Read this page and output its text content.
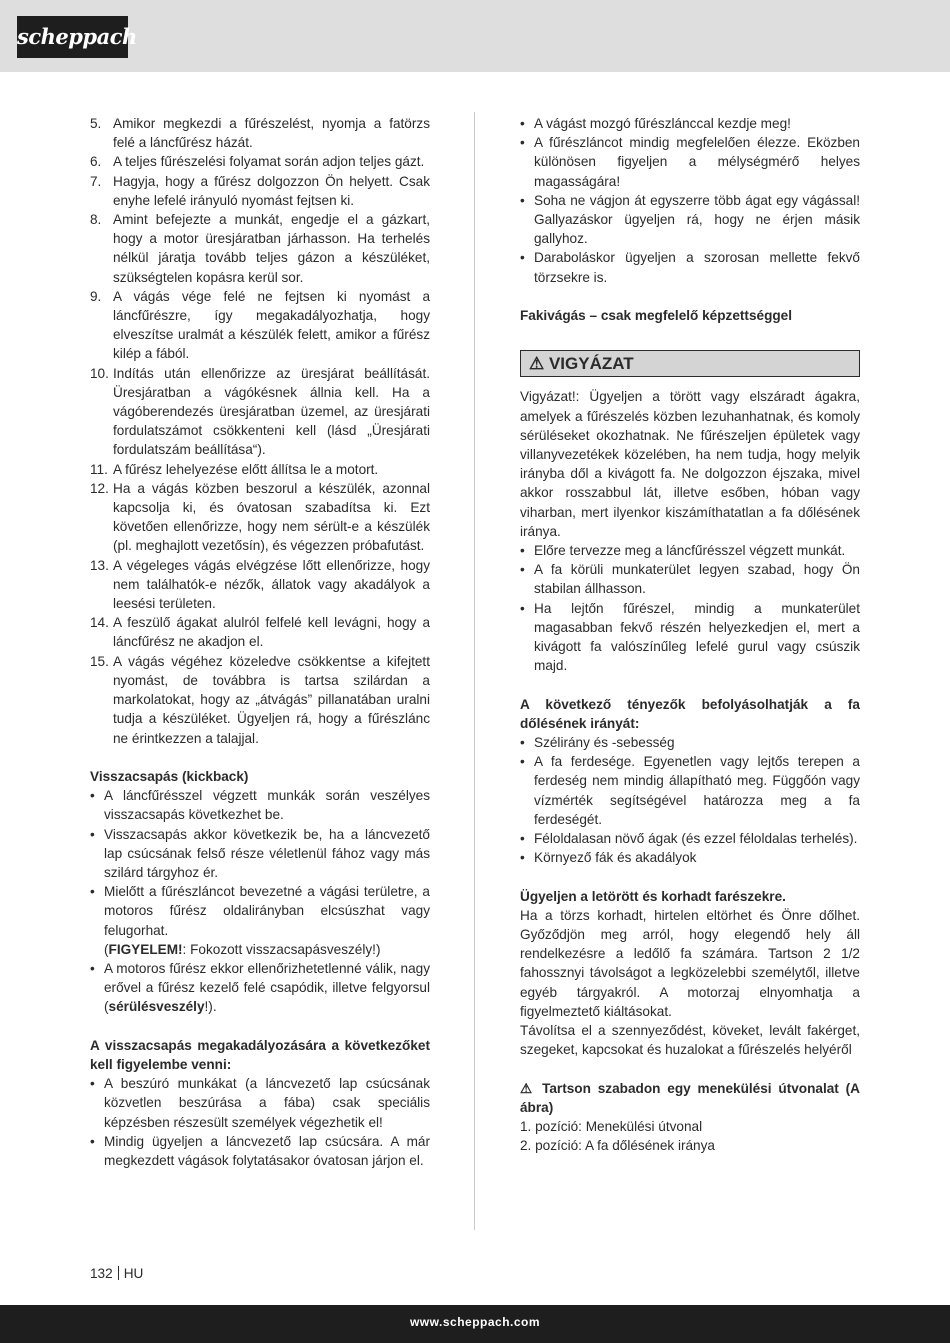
scheppach
5. Amikor megkezdi a fűrészelést, nyomja a fatörzs felé a láncfűrész házát.
6. A teljes fűrészelési folyamat során adjon teljes gázt.
7. Hagyja, hogy a fűrész dolgozzon Ön helyett. Csak enyhe lefelé irányuló nyomást fejtsen ki.
8. Amint befejezte a munkát, engedje el a gázkart, hogy a motor üresjáratban járhasson. Ha terhelés nélkül járatja tovább teljes gázon a készüléket, szükségtelen kopásra kerül sor.
9. A vágás vége felé ne fejtsen ki nyomást a láncfűrészre, így megakadályozhatja, hogy elveszítse uralmát a készülék felett, amikor a fűrész kilép a fából.
10. Indítás után ellenőrizze az üresjárat beállítását. Üresjáratban a vágókésnek állnia kell. Ha a vágóberendezés üresjáratban üzemel, az üresjárati fordulatszámot csökkenteni kell (lásd „Üresjárati fordulatszám beállítása“).
11. A fűrész lehelyezése előtt állítsa le a motort.
12. Ha a vágás közben beszorul a készülék, azonnal kapcsolja ki, és óvatosan szabadítsa ki. Ezt követően ellenőrizze, hogy nem sérült-e a készülék (pl. meghajlott vezetősín), és végezzen próbafutást.
13. A végeleges vágás elvégzése lőtt ellenőrizze, hogy nem találhatók-e nézők, állatok vagy akadályok a leesési területen.
14. A feszülő ágakat alulról felfelé kell levágni, hogy a láncfűrész ne akadjon el.
15. A vágás végéhez közeledve csökkentse a kifejtett nyomást, de továbbra is tartsa szilárdan a markolatokat, hogy az „átvágás” pillanatában uralni tudja a készüléket. Ügyeljen rá, hogy a fűrészlánc ne érintkezzen a talajjal.
Visszacsapás (kickback)
• A láncfűrésszel végzett munkák során veszélyes visszacsapás következhet be.
• Visszacsapás akkor következik be, ha a láncvezető lap csúcsának felső része véletlenül fához vagy más szilárd tárgyhoz ér.
• Mielőtt a fűrészláncot bevezetné a vágási területre, a motoros fűrész oldalirányban elcsúszhat vagy felugorhat.
(FIGYELEM!: Fokozott visszacsapásveszély!)
• A motoros fűrész ekkor ellenőrizhetetlenné válik, nagy erővel a fűrész kezelő felé csapódik, illetve felgyorsul (sérülésveszély!).
A visszacsapás megakadályozására a következőket kell figyelembe venni:
• A beszúró munkákat (a láncvezető lap csúcsának közvetlen beszúrása a fába) csak speciális képzésben részesült személyek végezhetik el!
• Mindig ügyeljen a láncvezető lap csúcsára. A már megkezdett vágások folytatásakor óvatosan járjon el.
• A vágást mozgó fűrészlánccal kezdje meg!
• A fűrészláncot mindig megfelelően élezze. Eközben különösen figyeljen a mélységmérő helyes magasságára!
• Soha ne vágjon át egyszerre több ágat egy vágással! Gallyazáskor ügyeljen rá, hogy ne érjen másik gallyhoz.
• Daraboláskor ügyeljen a szorosan mellette fekvő törzsekre is.
Fakivágás – csak megfelelő képzettséggel
⚠ VIGYÁZAT
Vigyázat!: Ügyeljen a törött vagy elszáradt ágakra, amelyek a fűrészelés közben lezuhanhatnak, és komoly sérüléseket okozhatnak. Ne fűrészeljen épületek vagy villanyvezetékek közelében, ha nem tudja, hogy melyik irányba dől a kivágott fa. Ne dolgozzon éjszaka, mivel akkor rosszabbul lát, illetve esőben, hóban vagy viharban, mert ilyenkor kiszámíthatatlan a fa dőlésének iránya.
• Előre tervezze meg a láncfűrésszel végzett munkát.
• A fa körüli munkaterület legyen szabad, hogy Ön stabilan állhasson.
• Ha lejtőn fűrészel, mindig a munkaterület magasabban fekvő részén helyezkedjen el, mert a kivágott fa valószínűleg lefelé gurul vagy csúszik majd.
A következő tényezők befolyásolhatják a fa dőlésének irányát:
• Szélirány és -sebesség
• A fa ferdesége. Egyenetlen vagy lejtős terepen a ferdeség nem mindig állapítható meg. Függőón vagy vízmérték segítségével határozza meg a fa ferdeségét.
• Féloldalasan növő ágak (és ezzel féloldalas terhelés).
• Környező fák és akadályok
Ügyeljen a letörött és korhadt farészekre.
Ha a törzs korhadt, hirtelen eltörhet és Önre dőlhet. Győződjön meg arról, hogy elegendő hely áll rendelkezésre a ledőlő fa számára. Tartson 2 1/2 fahossznyi távolságot a legközelebbi személytől, illetve egyéb tárgyakról. A motorzaj elnyomhatja a figyelmeztető kiáltásokat.
Távolítsa el a szennyeződést, köveket, levált fakérget, szegeket, kapcsokat és huzalokat a fűrészelés helyéről
⚠ Tartson szabadon egy menekülési útvonalat (A ábra)
1. pozíció: Menekülési útvonal
2. pozíció: A fa dőlésének iránya
132 HU
www.scheppach.com
